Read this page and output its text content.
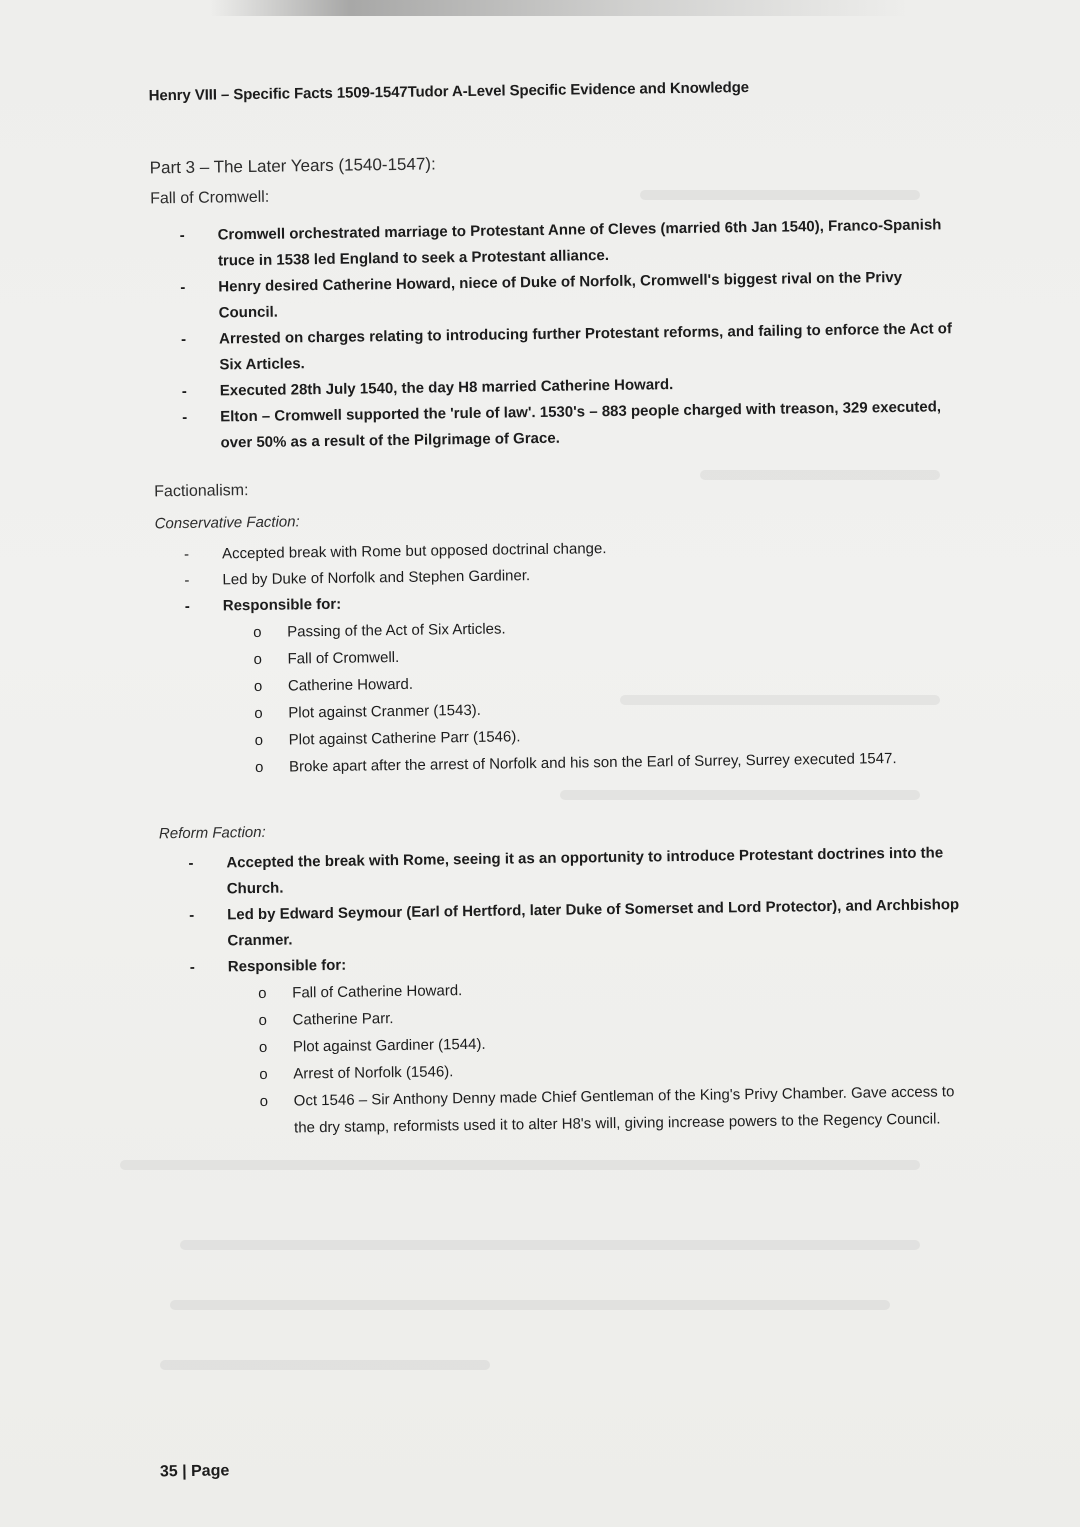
Henry VIII – Specific Facts 1509-1547Tudor A-Level Specific Evidence and Knowledge
Part 3 – The Later Years (1540-1547):
Fall of Cromwell:
- Cromwell orchestrated marriage to Protestant Anne of Cleves (married 6th Jan 1540), Franco-Spanish truce in 1538 led England to seek a Protestant alliance.
- Henry desired Catherine Howard, niece of Duke of Norfolk, Cromwell's biggest rival on the Privy Council.
- Arrested on charges relating to introducing further Protestant reforms, and failing to enforce the Act of Six Articles.
- Executed 28th July 1540, the day H8 married Catherine Howard.
- Elton – Cromwell supported the 'rule of law'. 1530's – 883 people charged with treason, 329 executed, over 50% as a result of the Pilgrimage of Grace.
Factionalism:
Conservative Faction:
- Accepted break with Rome but opposed doctrinal change.
- Led by Duke of Norfolk and Stephen Gardiner.
- Responsible for:
o Passing of the Act of Six Articles.
o Fall of Cromwell.
o Catherine Howard.
o Plot against Cranmer (1543).
o Plot against Catherine Parr (1546).
o Broke apart after the arrest of Norfolk and his son the Earl of Surrey, Surrey executed 1547.
Reform Faction:
- Accepted the break with Rome, seeing it as an opportunity to introduce Protestant doctrines into the Church.
- Led by Edward Seymour (Earl of Hertford, later Duke of Somerset and Lord Protector), and Archbishop Cranmer.
- Responsible for:
o Fall of Catherine Howard.
o Catherine Parr.
o Plot against Gardiner (1544).
o Arrest of Norfolk (1546).
o Oct 1546 – Sir Anthony Denny made Chief Gentleman of the King's Privy Chamber. Gave access to the dry stamp, reformists used it to alter H8's will, giving increase powers to the Regency Council.
35 | Page
